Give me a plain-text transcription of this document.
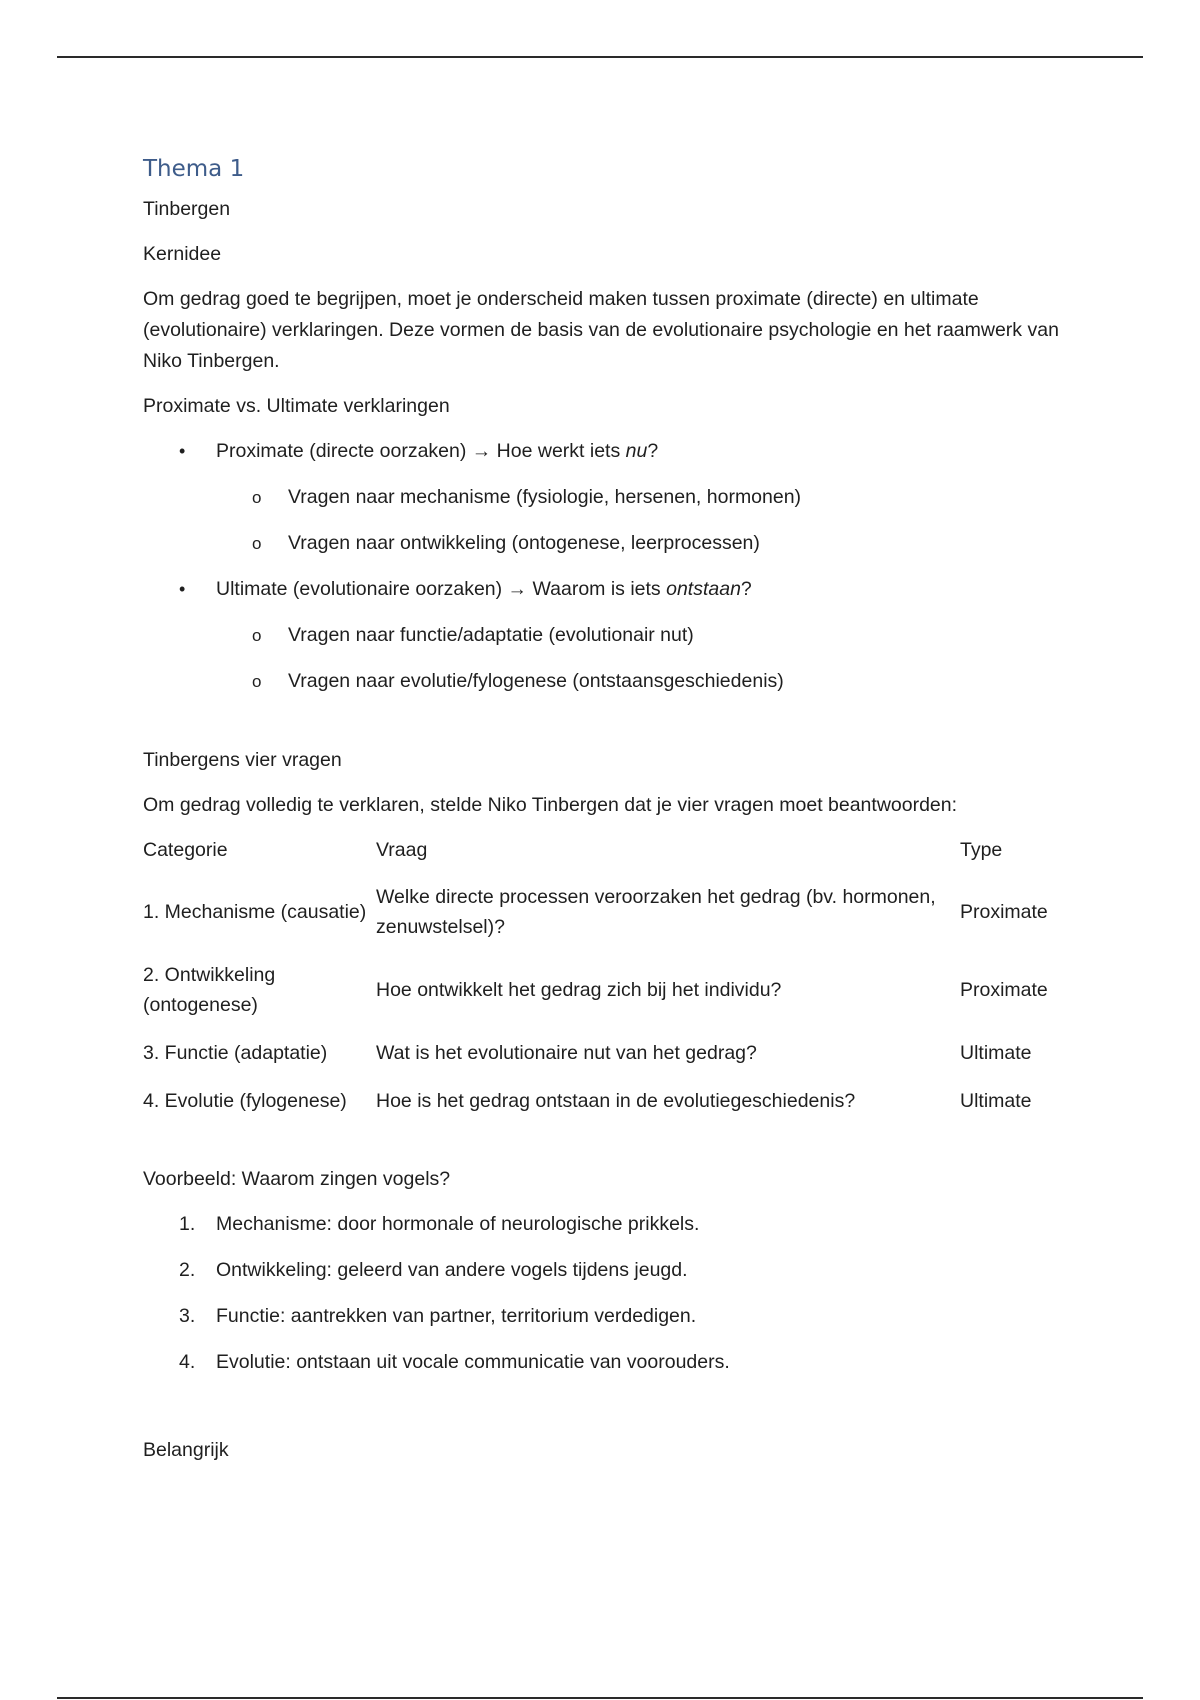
Thema 1
Tinbergen
Kernidee
Om gedrag goed te begrijpen, moet je onderscheid maken tussen proximate (directe) en ultimate (evolutionaire) verklaringen. Deze vormen de basis van de evolutionaire psychologie en het raamwerk van Niko Tinbergen.
Proximate vs. Ultimate verklaringen
• Proximate (directe oorzaken) → Hoe werkt iets nu?
o Vragen naar mechanisme (fysiologie, hersenen, hormonen)
o Vragen naar ontwikkeling (ontogenese, leerprocessen)
• Ultimate (evolutionaire oorzaken) → Waarom is iets ontstaan?
o Vragen naar functie/adaptatie (evolutionair nut)
o Vragen naar evolutie/fylogenese (ontstaansgeschiedenis)
Tinbergens vier vragen
Om gedrag volledig te verklaren, stelde Niko Tinbergen dat je vier vragen moet beantwoorden:
Categorie	Vraag	Type
1. Mechanisme (causatie)	Welke directe processen veroorzaken het gedrag (bv. hormonen, zenuwstelsel)?	Proximate
2. Ontwikkeling (ontogenese)	Hoe ontwikkelt het gedrag zich bij het individu?	Proximate
3. Functie (adaptatie)	Wat is het evolutionaire nut van het gedrag?	Ultimate
4. Evolutie (fylogenese)	Hoe is het gedrag ontstaan in de evolutiegeschiedenis?	Ultimate
Voorbeeld: Waarom zingen vogels?
1. Mechanisme: door hormonale of neurologische prikkels.
2. Ontwikkeling: geleerd van andere vogels tijdens jeugd.
3. Functie: aantrekken van partner, territorium verdedigen.
4. Evolutie: ontstaan uit vocale communicatie van voorouders.
Belangrijk
